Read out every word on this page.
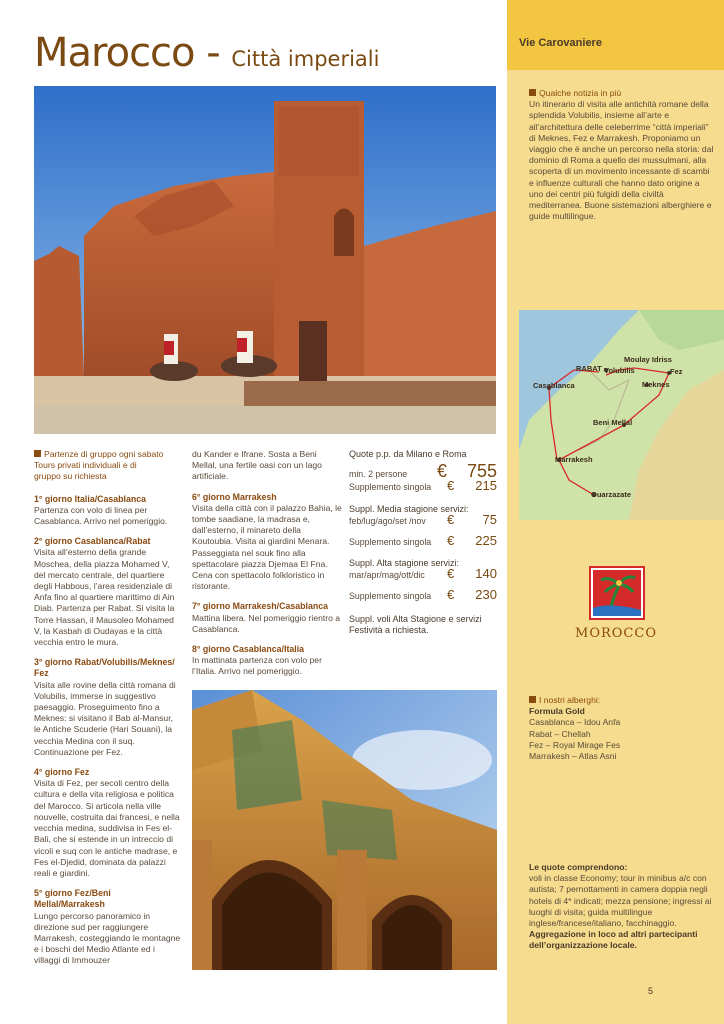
Marocco - Città imperiali
Partenze di gruppo ogni sabato
Tours privati individuali e di
gruppo su richiesta
1° giorno Italia/Casablanca
Partenza con volo di linea per Casablanca. Arrivo nel pomeriggio.
2° giorno Casablanca/Rabat
Visita all’esterno della grande Moschea, della piazza Mohamed V, del mercato centrale, del quartiere degli Habbous, l’area residenziale di Anfa fino al quartiere marittimo di Ain Diab. Partenza per Rabat. Si visita la Torre Hassan, il Mausoleo Mohamed V, la Kasbah di Oudayas e la città vecchia entro le mura.
3° giorno Rabat/Volubilis/Meknes/ Fez
Visita alle rovine della città romana di Volubilis, immerse in suggestivo paesaggio. Proseguimento fino a Meknes: si visitano il Bab al-Mansur, le Antiche Scuderie (Hari Souani), la vecchia Medina con il suq. Continuazione per Fez.
4° giorno Fez
Visita di Fez, per secoli centro della cultura e della vita religiosa e politica del Marocco. Si articola nella ville nouvelle, costruita dai francesi, e nella vecchia medina, suddivisa in Fes el-Bali, che si estende in un intreccio di vicoli e suq con le antiche madrase, e Fes el-Djedid, dominata da palazzi reali e giardini.
5° giorno Fez/Beni Mellal/Marrakesh
Lungo percorso panoramico in direzione sud per raggiungere Marrakesh, costeggiando le montagne e i boschi del Medio Atlante ed i villaggi di Immouzer
du Kander e Ifrane. Sosta a Beni Mellal, una fertile oasi con un lago artificiale.
6° giorno Marrakesh
Visita della città con il palazzo Bahia, le tombe saadiane, la madrasa e, dall’esterno, il minareto della Koutoubia. Visita ai giardini Menara. Passeggiata nel souk fino alla spettacolare piazza Djemaa El Fna. Cena con spettacolo folkloristico in ristorante.
7° giorno Marrakesh/Casablanca
Mattina libera. Nel pomeriggio rientro a Casablanca.
8° giorno Casablanca/Italia
In mattinata partenza con volo per l’Italia. Arrivo nel pomeriggio.
Quote p.p. da Milano e Roma
min. 2 persone € 755
Supplemento singola € 215
Suppl. Media stagione servizi:
feb/lug/ago/set /nov € 75
Supplemento singola € 225
Suppl. Alta stagione servizi:
mar/apr/mag/ott/dic € 140
Supplemento singola € 230
Suppl. voli Alta Stagione e servizi Festività a richiesta.
Vie Carovaniere
Qualche notizia in più
Un itinerario di visita alle antichità romane della splendida Volubilis, insieme all’arte e all’architettura delle celeberrime “città imperiali” di Meknes, Fez e Marrakesh. Proponiamo un viaggio che è anche un percorso nella storia: dal dominio di Roma a quello dei mussulmani, alla scoperta di un movimento incessante di scambi e influenze culturali che hanno dato origine a uno dei centri più fulgidi della civiltà mediterranea. Buone sistemazioni alberghiere e guide multilingue.
Moulay Idriss
RABAT Volubilis	Fez
Casablanca	Meknes
Beni Mellal
Marrakesh
Ouarzazate
I nostri alberghi:
Formula Gold
Casablanca – Idou Anfa
Rabat – Chellah
Fez – Royal Mirage Fes
Marrakesh – Atlas Asni
Le quote comprendono:
voli in classe Economy; tour in minibus a/c con autista; 7 pernottamenti in camera doppia negli hotels di 4* indicati; mezza pensione; ingressi ai luoghi di visita; guida multilingue inglese/francese/italiano, facchinaggio.
Aggregazione in loco ad altri partecipanti dell’organizzazione locale.
MOROCCO
5
